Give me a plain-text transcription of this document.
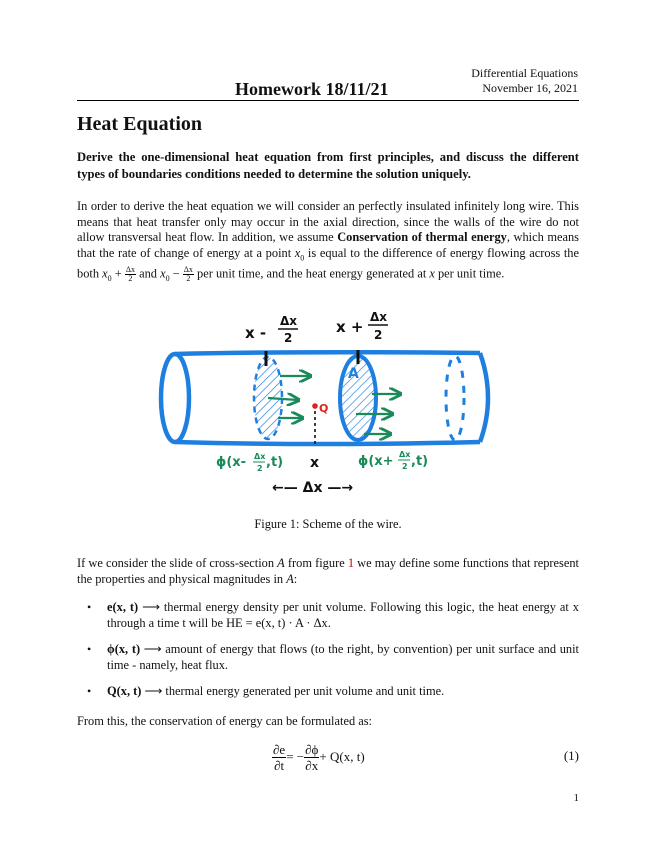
Homework 18/11/21
Differential Equations
November 16, 2021
Heat Equation
Derive the one-dimensional heat equation from first principles, and discuss the different types of boundaries conditions needed to determine the solution uniquely.
In order to derive the heat equation we will consider an perfectly insulated infinitely long wire. This means that heat transfer only may occur in the axial direction, since the walls of the wire do not allow transversal heat flow. In addition, we assume Conservation of thermal energy, which means that the rate of change of energy at a point $x_0$ is equal to the difference of energy flowing across the both $x_0 + \frac{\Delta x}{2}$ and $x_0 - \frac{\Delta x}{2}$ per unit time, and the heat energy generated at x per unit time.
x -
Δx
2
x +
Δx
2
A
Q
ϕ(x- Δx
2 ,t) x	ϕ(x+ Δx
2 ,t)
←— Δx —→
Figure 1: Scheme of the wire.
If we consider the slide of cross-section A from figure 1 we may define some functions that represent the properties and physical magnitudes in A:
• e(x, t) ⟶ thermal energy density per unit volume. Following this logic, the heat energy at x through a time t will be HE = e(x, t) · A · Δx.
• ϕ(x, t) ⟶ amount of energy that flows (to the right, by convention) per unit surface and unit time - namely, heat flux.
• Q(x, t) ⟶ thermal energy generated per unit volume and unit time.
From this, the conservation of energy can be formulated as:
$\frac{\partial e}{\partial t}$ = − $\frac{\partial\phi}{\partial x} + Q(x$, t)	(1)
1
